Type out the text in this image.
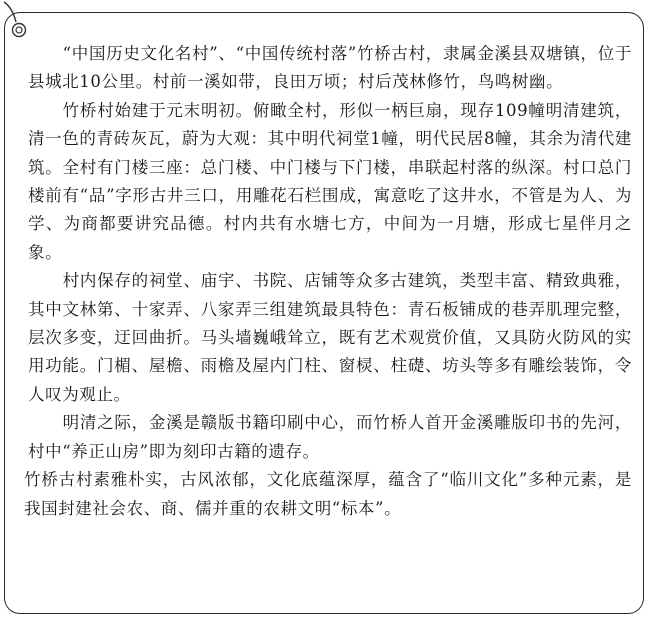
“中国历史文化名村”、“中国传统村落”竹桥古村，隶属金溪县双塘镇，位于县城北10公里。村前一溪如带，良田万顷；村后茂林修竹，鸟鸣树幽。

竹桥村始建于元末明初。俯瞰全村，形似一柄巨扇，现存109幢明清建筑，清一色的青砖灰瓦，蔚为大观：其中明代祠堂1幢，明代民居8幢，其余为清代建筑。全村有门楼三座：总门楼、中门楼与下门楼，串联起村落的纵深。村口总门楼前有“品”字形古井三口，用雕花石栏围成，寓意吃了这井水，不管是为人、为学、为商都要讲究品德。村内共有水塘七方，中间为一月塘，形成七星伴月之象。

村内保存的祠堂、庙宇、书院、店铺等众多古建筑，类型丰富、精致典雅，其中文林第、十家弄、八家弄三组建筑最具特色：青石板铺成的巷弄肌理完整，层次多变，迂回曲折。马头墙巍峨耸立，既有艺术观赏价值，又具防火防风的实用功能。门楣、屋檐、雨檐及屋内门柱、窗棂、柱礎、坊头等多有雕绘装饰，令人叹为观止。

明清之际，金溪是赣版书籍印刷中心，而竹桥人首开金溪雕版印书的先河，村中“养正山房”即为刻印古籍的遗存。

竹桥古村素雅朴实，古风浓郁，文化底蕴深厚，蕴含了“临川文化”多种元素，是我国封建社会农、商、儒并重的农耕文明“标本”。
